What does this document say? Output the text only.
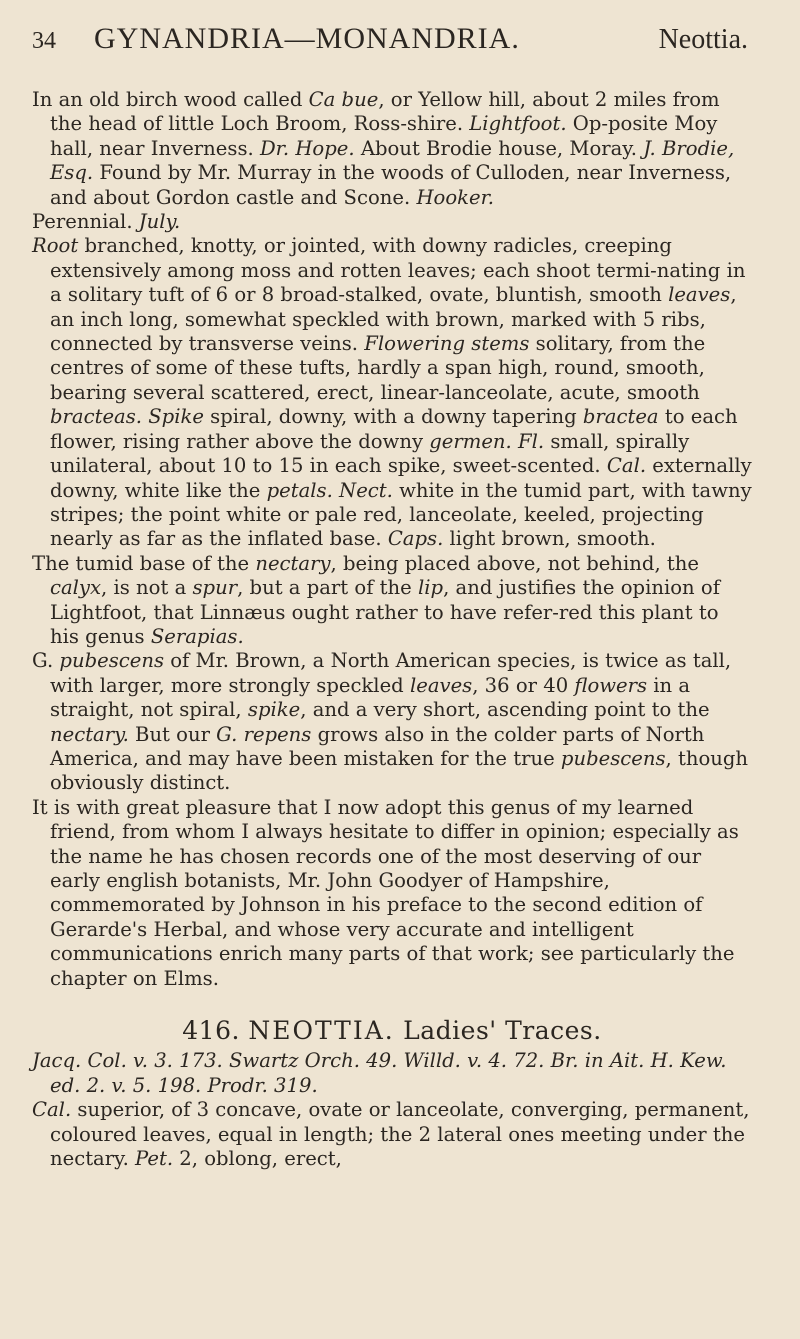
34 GYNANDRIA—MONANDRIA.	Neottia.

In an old birch wood called Ca bue, or Yellow hill, about 2 miles from the head of little Loch Broom, Ross-shire. Lightfoot. Op-posite Moy hall, near Inverness. Dr. Hope. About Brodie house, Moray. J. Brodie, Esq. Found by Mr. Murray in the woods of Culloden, near Inverness, and about Gordon castle and Scone. Hooker.

Perennial. July.

Root branched, knotty, or jointed, with downy radicles, creeping extensively among moss and rotten leaves; each shoot termi-nating in a solitary tuft of 6 or 8 broad-stalked, ovate, bluntish, smooth leaves, an inch long, somewhat speckled with brown, marked with 5 ribs, connected by transverse veins. Flowering stems solitary, from the centres of some of these tufts, hardly a span high, round, smooth, bearing several scattered, erect, linear-lanceolate, acute, smooth bracteas. Spike spiral, downy, with a downy tapering bractea to each flower, rising rather above the downy germen. Fl. small, spirally unilateral, about 10 to 15 in each spike, sweet-scented. Cal. externally downy, white like the petals. Nect. white in the tumid part, with tawny stripes; the point white or pale red, lanceolate, keeled, projecting nearly as far as the inflated base. Caps. light brown, smooth.

The tumid base of the nectary, being placed above, not behind, the calyx, is not a spur, but a part of the lip, and justifies the opinion of Lightfoot, that Linnæus ought rather to have refer-red this plant to his genus Serapias.

G. pubescens of Mr. Brown, a North American species, is twice as tall, with larger, more strongly speckled leaves, 36 or 40 flowers in a straight, not spiral, spike, and a very short, ascending point to the nectary. But our G. repens grows also in the colder parts of North America, and may have been mistaken for the true pubescens, though obviously distinct.

It is with great pleasure that I now adopt this genus of my learned friend, from whom I always hesitate to differ in opinion; especially as the name he has chosen records one of the most deserving of our early english botanists, Mr. John Goodyer of Hampshire, commemorated by Johnson in his preface to the second edition of Gerarde's Herbal, and whose very accurate and intelligent communications enrich many parts of that work; see particularly the chapter on Elms.

416. NEOTTIA. Ladies' Traces.

Jacq. Col. v. 3. 173. Swartz Orch. 49. Willd. v. 4. 72. Br. in Ait. H. Kew. ed. 2. v. 5. 198. Prodr. 319.

Cal. superior, of 3 concave, ovate or lanceolate, converging, permanent, coloured leaves, equal in length; the 2 lateral ones meeting under the nectary. Pet. 2, oblong, erect,
